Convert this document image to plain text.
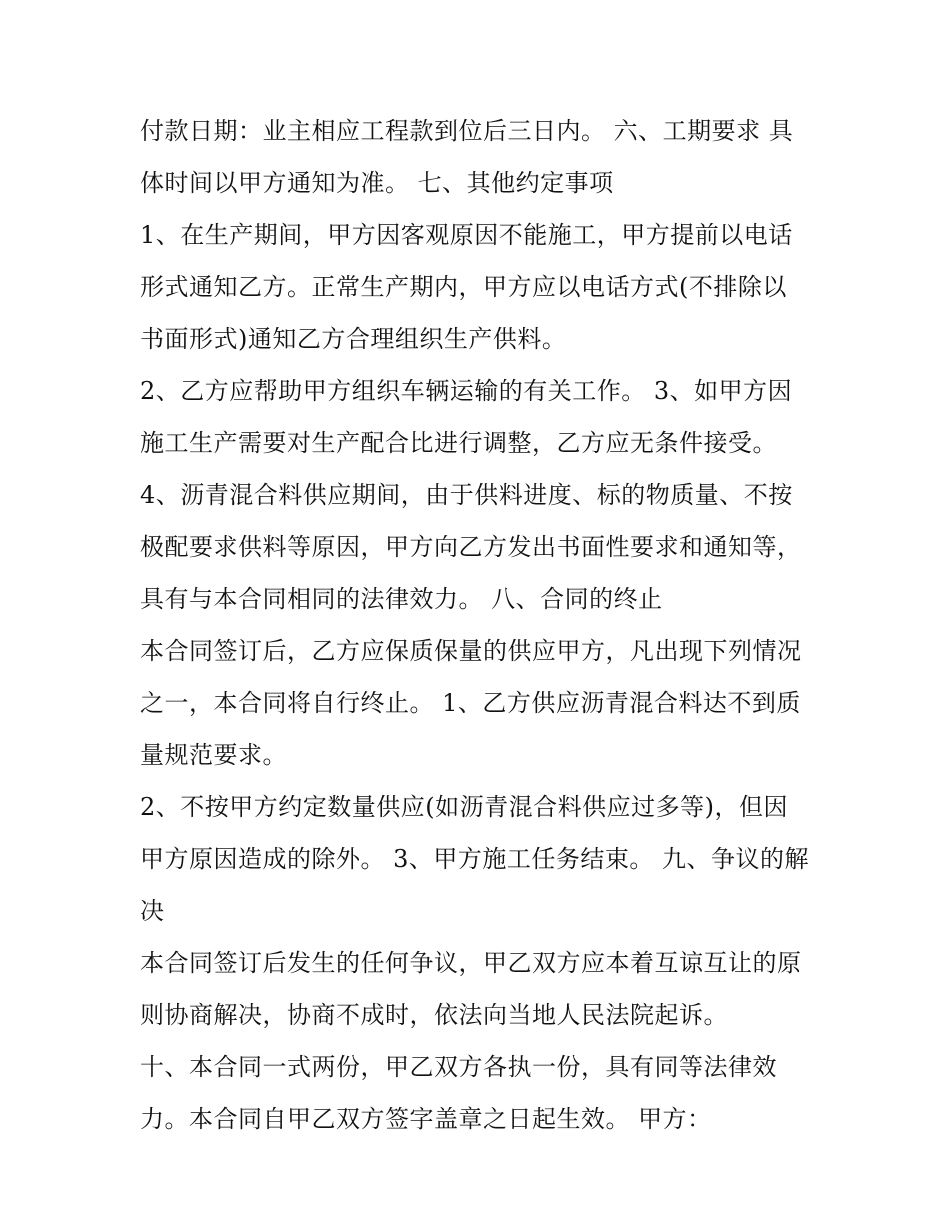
付款日期：业主相应工程款到位后三日内。 六、工期要求 具
体时间以甲方通知为准。 七、其他约定事项
1、在生产期间，甲方因客观原因不能施工，甲方提前以电话
形式通知乙方。正常生产期内，甲方应以电话方式(不排除以
书面形式)通知乙方合理组织生产供料。
2、乙方应帮助甲方组织车辆运输的有关工作。 3、如甲方因
施工生产需要对生产配合比进行调整，乙方应无条件接受。
4、沥青混合料供应期间，由于供料进度、标的物质量、不按
极配要求供料等原因，甲方向乙方发出书面性要求和通知等，
具有与本合同相同的法律效力。 八、合同的终止
本合同签订后，乙方应保质保量的供应甲方，凡出现下列情况
之一，本合同将自行终止。 1、乙方供应沥青混合料达不到质
量规范要求。
2、不按甲方约定数量供应(如沥青混合料供应过多等)，但因
甲方原因造成的除外。 3、甲方施工任务结束。 九、争议的解
决
本合同签订后发生的任何争议，甲乙双方应本着互谅互让的原
则协商解决，协商不成时，依法向当地人民法院起诉。
十、本合同一式两份，甲乙双方各执一份，具有同等法律效
力。本合同自甲乙双方签字盖章之日起生效。 甲方：
